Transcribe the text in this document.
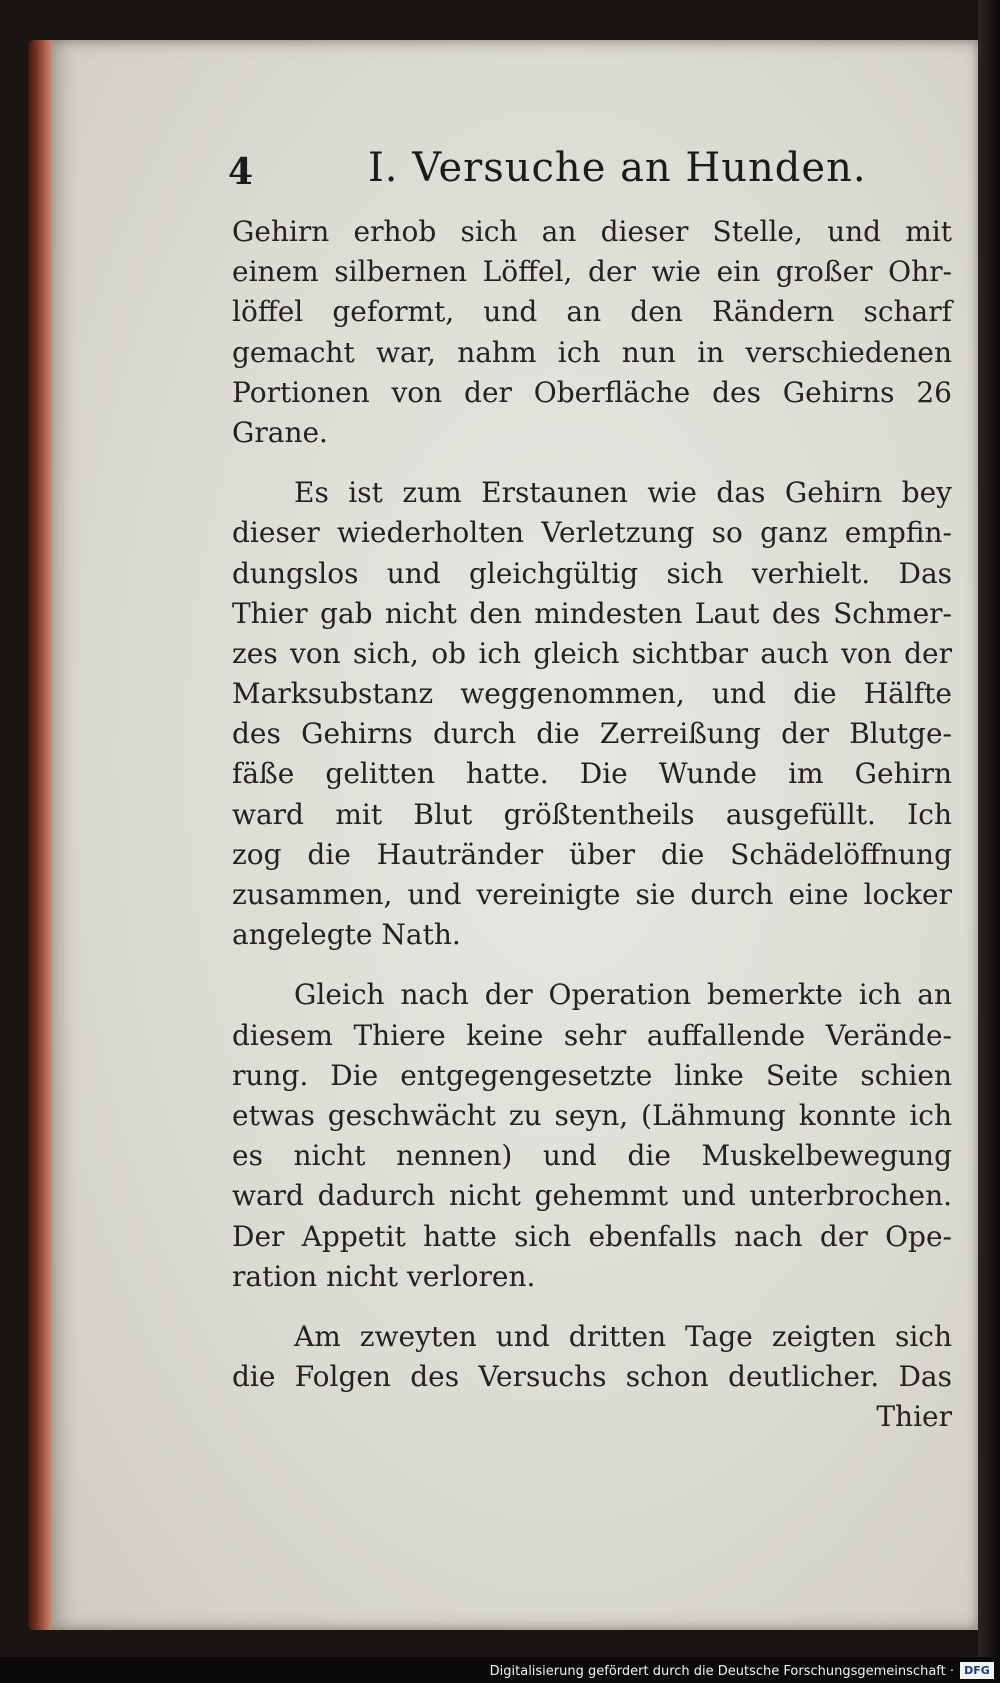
4	I. Versuche an Hunden.
Gehirn erhob sich an dieser Stelle, und mit
einem silbernen Löffel, der wie ein großer Ohr-
löffel geformt, und an den Rändern scharf
gemacht war, nahm ich nun in verschiedenen
Portionen von der Oberfläche des Gehirns 26
Grane.
Es ist zum Erstaunen wie das Gehirn bey
dieser wiederholten Verletzung so ganz empfin-
dungslos und gleichgültig sich verhielt. Das
Thier gab nicht den mindesten Laut des Schmer-
zes von sich, ob ich gleich sichtbar auch von der
Marksubstanz weggenommen, und die Hälfte
des Gehirns durch die Zerreißung der Blutge-
fäße gelitten hatte. Die Wunde im Gehirn
ward mit Blut größtentheils ausgefüllt. Ich
zog die Hautränder über die Schädelöffnung
zusammen, und vereinigte sie durch eine locker
angelegte Nath.
Gleich nach der Operation bemerkte ich an
diesem Thiere keine sehr auffallende Verände-
rung. Die entgegengesetzte linke Seite schien
etwas geschwächt zu seyn, (Lähmung konnte ich
es nicht nennen) und die Muskelbewegung
ward dadurch nicht gehemmt und unterbrochen.
Der Appetit hatte sich ebenfalls nach der Ope-
ration nicht verloren.
Am zweyten und dritten Tage zeigten sich
die Folgen des Versuchs schon deutlicher. Das
Thier
Digitalisierung gefördert durch die Deutsche Forschungsgemeinschaft · DFG
